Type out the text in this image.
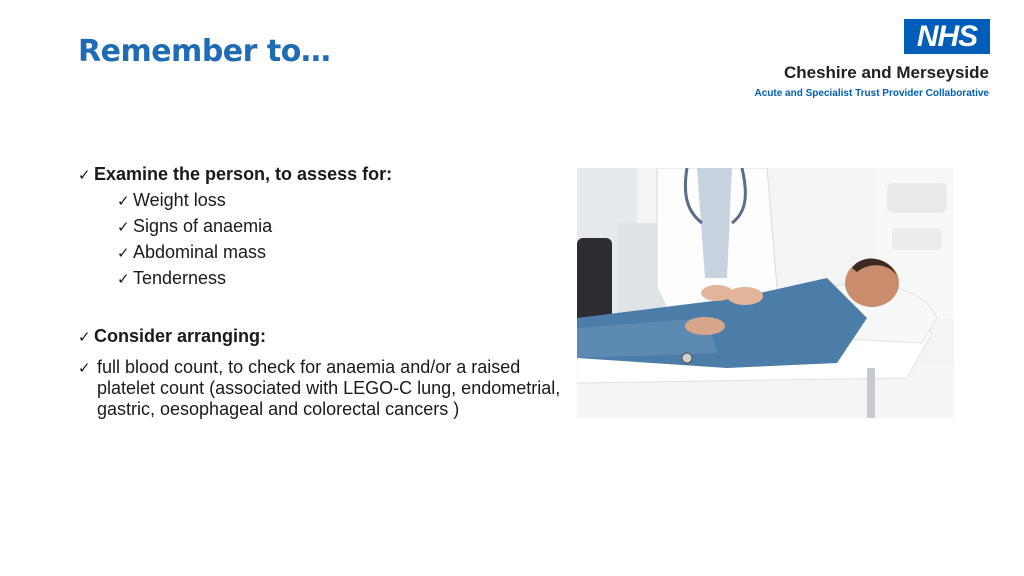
Remember to…	NHS
Cheshire and Merseyside
Acute and Specialist Trust Provider Collaborative
✓ Examine the person, to assess for:
✓ Weight loss
✓ Signs of anaemia
✓ Abdominal mass
✓ Tenderness
✓ Consider arranging:
✓ full blood count, to check for anaemia and/or a raised platelet count (associated with LEGO-C lung, endometrial, gastric, oesophageal and colorectal cancers )
